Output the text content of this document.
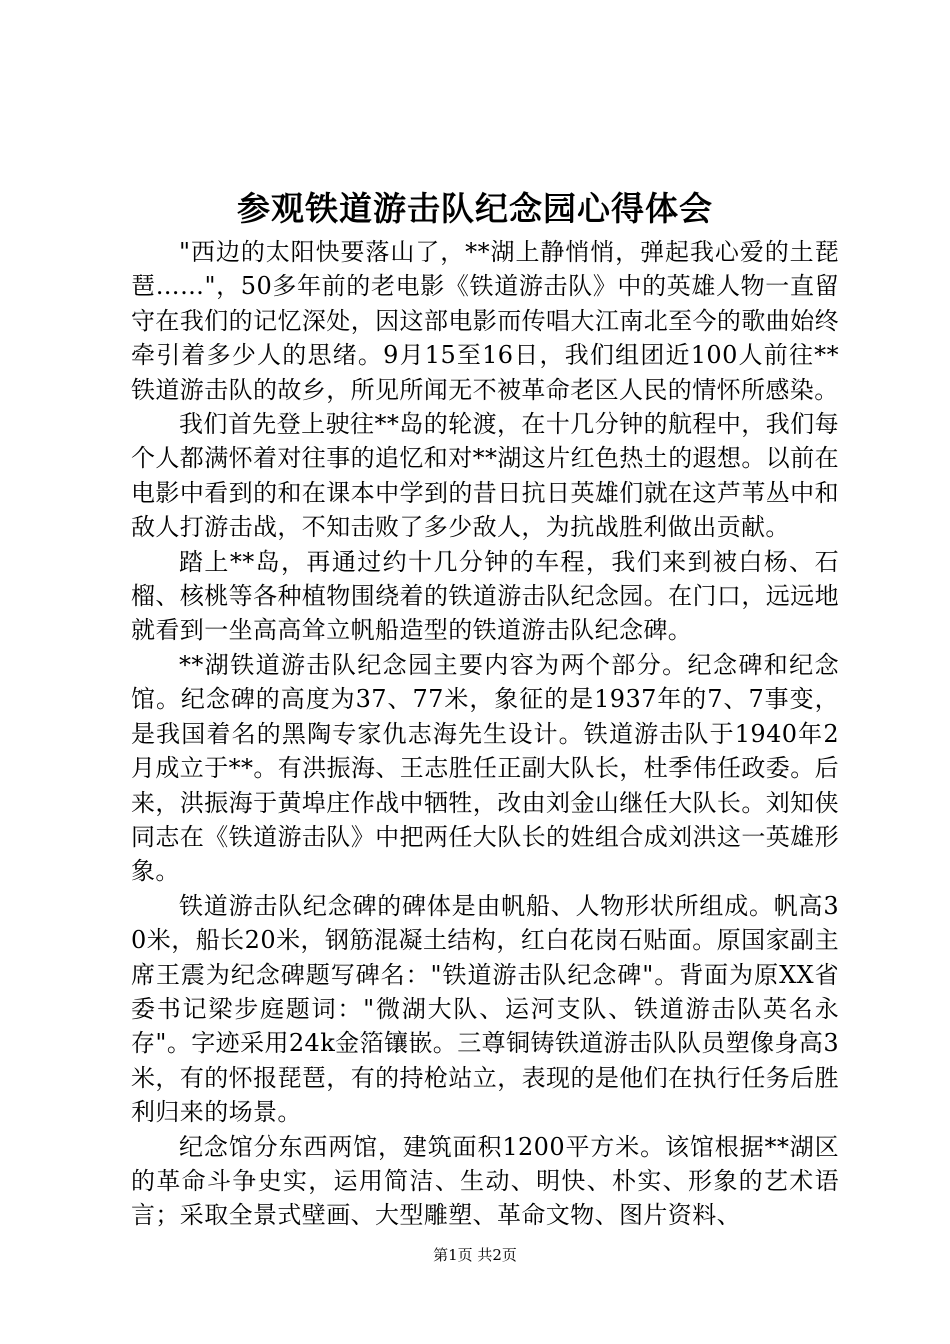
参观铁道游击队纪念园心得体会

"西边的太阳快要落山了，**湖上静悄悄，弹起我心爱的土琵琶……"，50多年前的老电影《铁道游击队》中的英雄人物一直留守在我们的记忆深处，因这部电影而传唱大江南北至今的歌曲始终牵引着多少人的思绪。9月15至16日，我们组团近100人前往**铁道游击队的故乡，所见所闻无不被革命老区人民的情怀所感染。

我们首先登上驶往**岛的轮渡，在十几分钟的航程中，我们每个人都满怀着对往事的追忆和对**湖这片红色热土的遐想。以前在电影中看到的和在课本中学到的昔日抗日英雄们就在这芦苇丛中和敌人打游击战，不知击败了多少敌人，为抗战胜利做出贡献。

踏上**岛，再通过约十几分钟的车程，我们来到被白杨、石榴、核桃等各种植物围绕着的铁道游击队纪念园。在门口，远远地就看到一坐高高耸立帆船造型的铁道游击队纪念碑。

**湖铁道游击队纪念园主要内容为两个部分。纪念碑和纪念馆。纪念碑的高度为37、77米，象征的是1937年的7、7事变，是我国着名的黑陶专家仇志海先生设计。铁道游击队于1940年2月成立于**。有洪振海、王志胜任正副大队长，杜季伟任政委。后来，洪振海于黄埠庄作战中牺牲，改由刘金山继任大队长。刘知侠同志在《铁道游击队》中把两任大队长的姓组合成刘洪这一英雄形象。

铁道游击队纪念碑的碑体是由帆船、人物形状所组成。帆高30米，船长20米，钢筋混凝土结构，红白花岗石贴面。原国家副主席王震为纪念碑题写碑名："铁道游击队纪念碑"。背面为原XX省委书记梁步庭题词："微湖大队、运河支队、铁道游击队英名永存"。字迹采用24k金箔镶嵌。三尊铜铸铁道游击队队员塑像身高3米，有的怀报琵琶，有的持枪站立，表现的是他们在执行任务后胜利归来的场景。

纪念馆分东西两馆，建筑面积1200平方米。该馆根据**湖区的革命斗争史实，运用简洁、生动、明快、朴实、形象的艺术语言；采取全景式壁画、大型雕塑、革命文物、图片资料、

第1页 共2页
